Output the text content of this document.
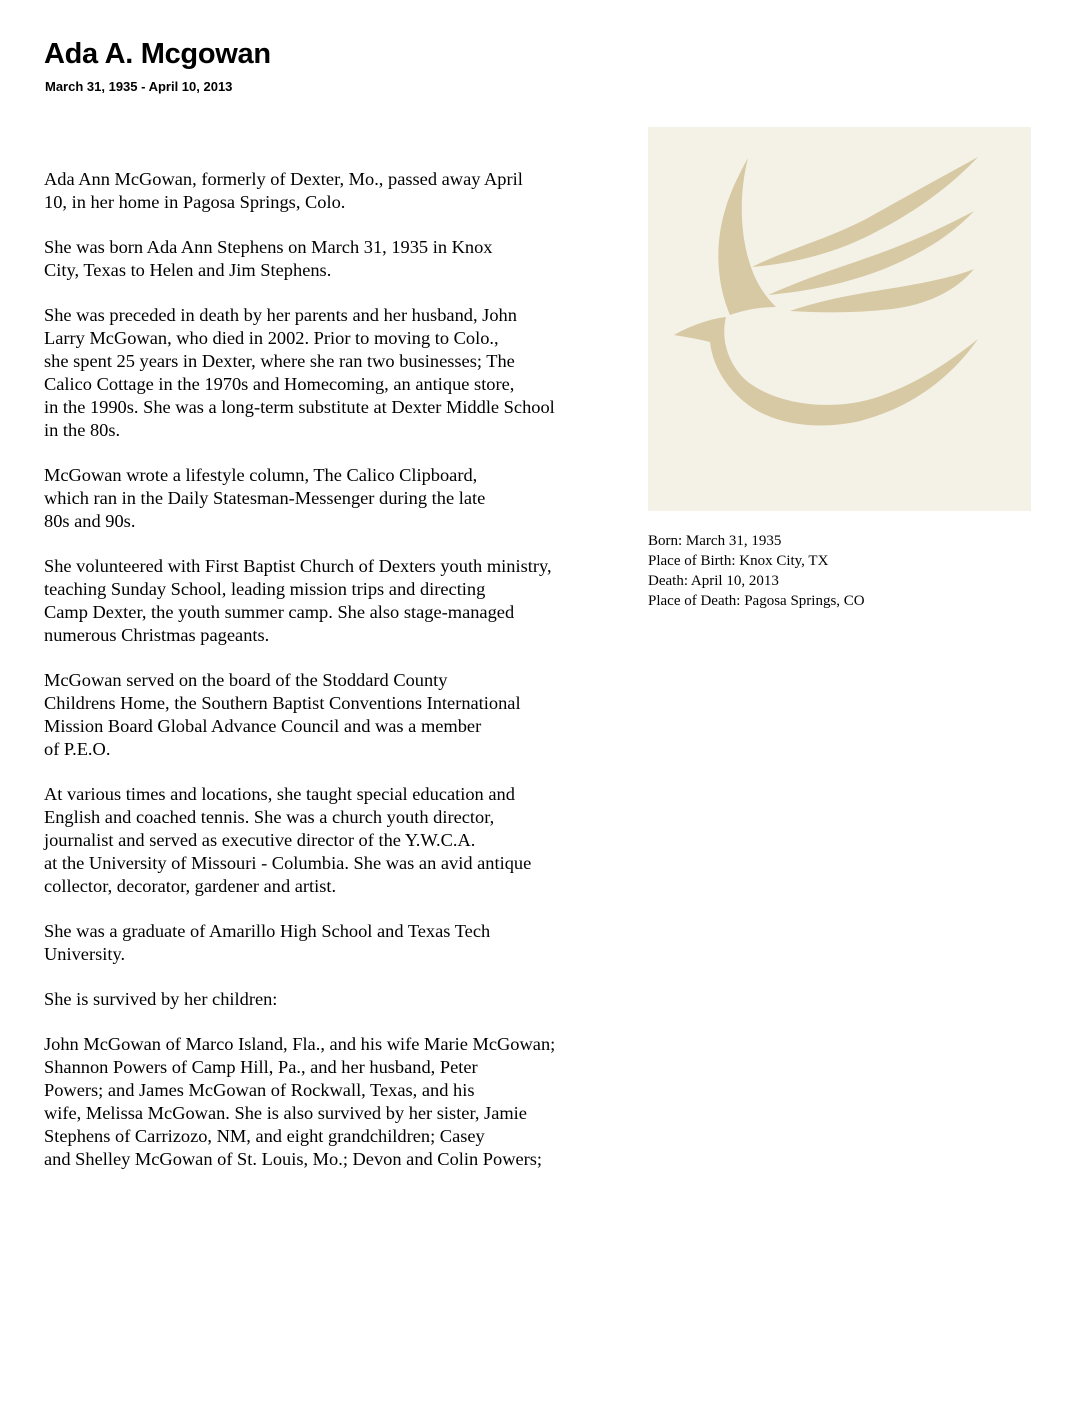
Ada A. Mcgowan
March 31, 1935 - April 10, 2013

Ada Ann McGowan, formerly of Dexter, Mo., passed away April
10, in her home in Pagosa Springs, Colo.

She was born Ada Ann Stephens on March 31, 1935 in Knox
City, Texas to Helen and Jim Stephens.

She was preceded in death by her parents and her husband, John
Larry McGowan, who died in 2002. Prior to moving to Colo.,
she spent 25 years in Dexter, where she ran two businesses; The
Calico Cottage in the 1970s and Homecoming, an antique store,
in the 1990s. She was a long-term substitute at Dexter Middle School
in the 80s.

McGowan wrote a lifestyle column, The Calico Clipboard,
which ran in the Daily Statesman-Messenger during the late
80s and 90s.

She volunteered with First Baptist Church of Dexters youth ministry,
teaching Sunday School, leading mission trips and directing
Camp Dexter, the youth summer camp. She also stage-managed
numerous Christmas pageants.

McGowan served on the board of the Stoddard County
Childrens Home, the Southern Baptist Conventions International
Mission Board Global Advance Council and was a member
of P.E.O.

At various times and locations, she taught special education and
English and coached tennis. She was a church youth director,
journalist and served as executive director of the Y.W.C.A.
at the University of Missouri - Columbia. She was an avid antique
collector, decorator, gardener and artist.

She was a graduate of Amarillo High School and Texas Tech
University.

She is survived by her children:

John McGowan of Marco Island, Fla., and his wife Marie McGowan;
Shannon Powers of Camp Hill, Pa., and her husband, Peter
Powers; and James McGowan of Rockwall, Texas, and his
wife, Melissa McGowan. She is also survived by her sister, Jamie
Stephens of Carrizozo, NM, and eight grandchildren; Casey
and Shelley McGowan of St. Louis, Mo.; Devon and Colin Powers;

Born: March 31, 1935
Place of Birth: Knox City, TX
Death: April 10, 2013
Place of Death: Pagosa Springs, CO
